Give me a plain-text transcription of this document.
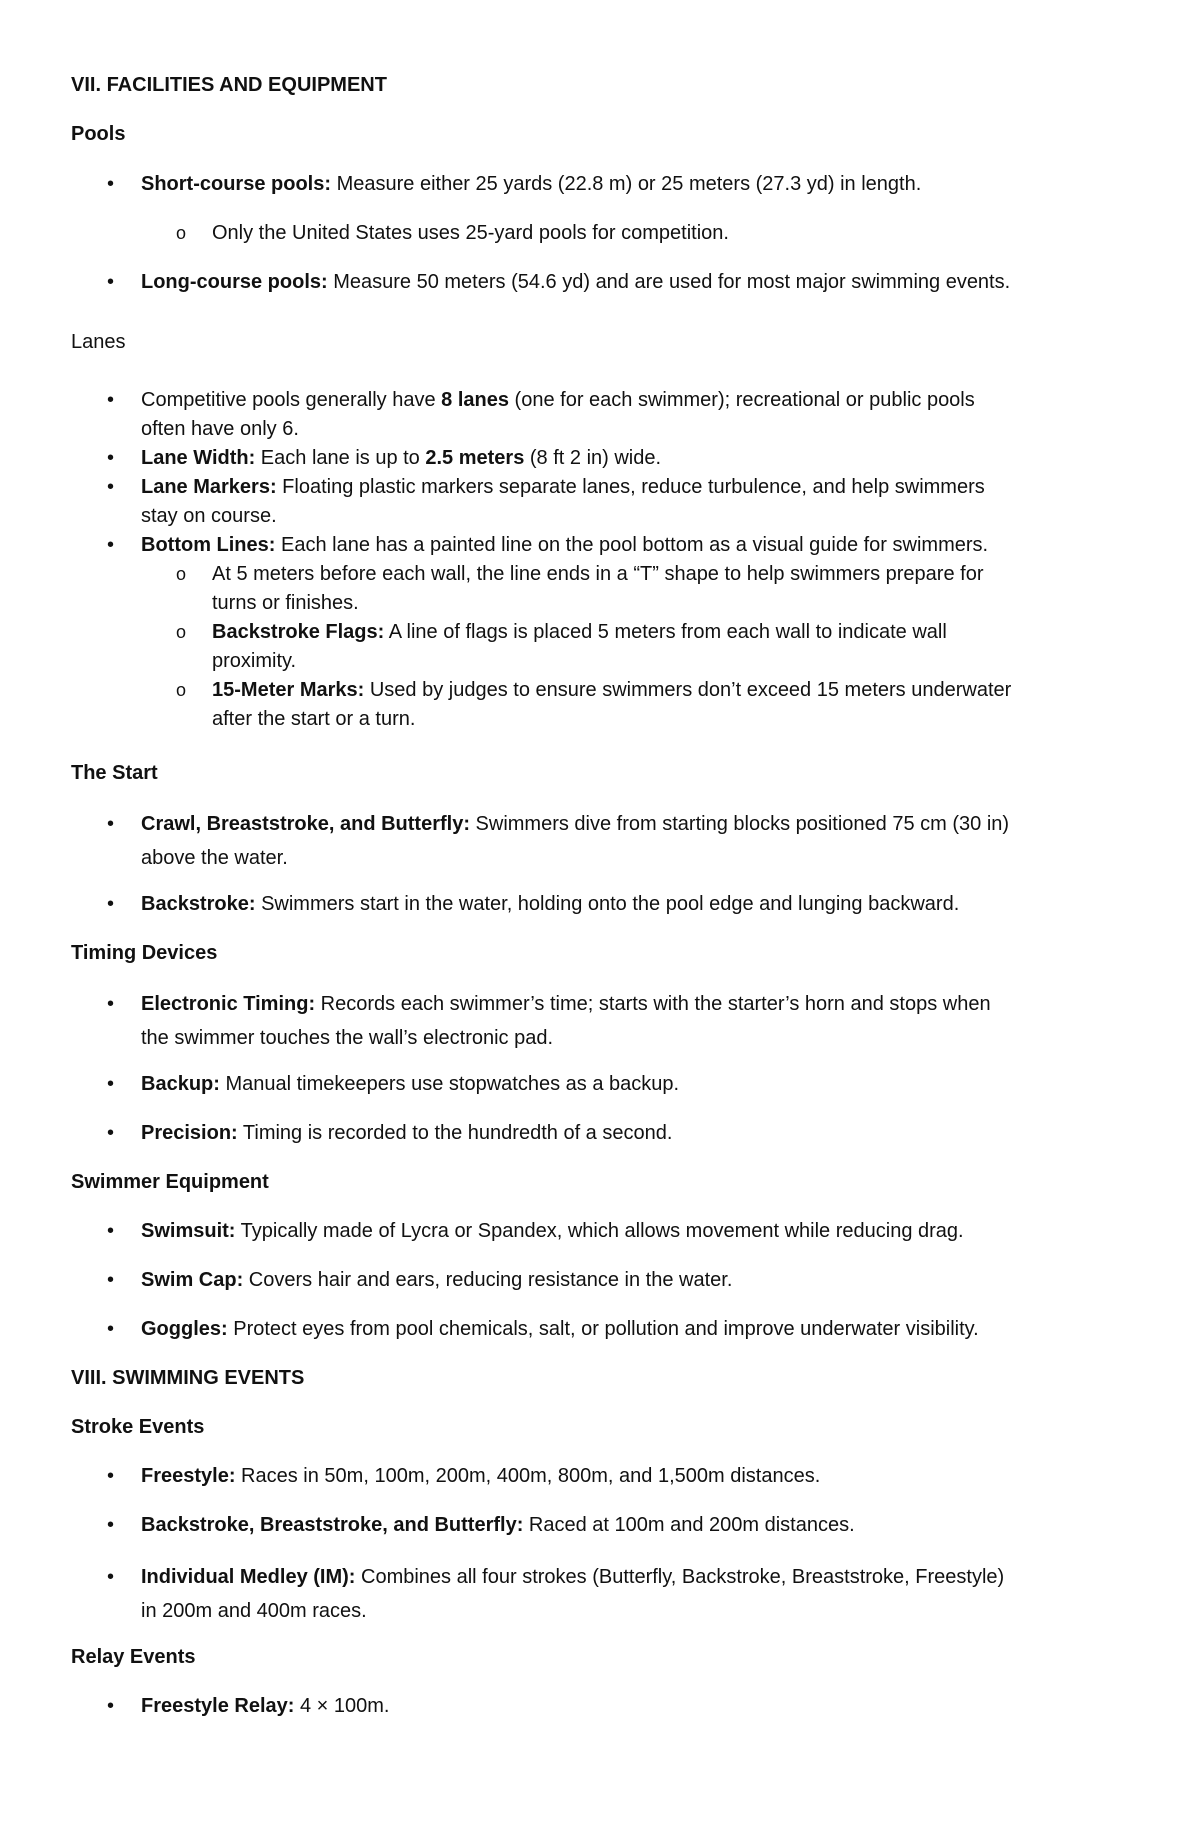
VII. FACILITIES AND EQUIPMENT

Pools

• Short-course pools: Measure either 25 yards (22.8 m) or 25 meters (27.3 yd) in length.
o Only the United States uses 25-yard pools for competition.
• Long-course pools: Measure 50 meters (54.6 yd) and are used for most major swimming events.

Lanes

• Competitive pools generally have 8 lanes (one for each swimmer); recreational or public pools
often have only 6.
• Lane Width: Each lane is up to 2.5 meters (8 ft 2 in) wide.
• Lane Markers: Floating plastic markers separate lanes, reduce turbulence, and help swimmers
stay on course.
• Bottom Lines: Each lane has a painted line on the pool bottom as a visual guide for swimmers.
o At 5 meters before each wall, the line ends in a “T” shape to help swimmers prepare for
turns or finishes.
o Backstroke Flags: A line of flags is placed 5 meters from each wall to indicate wall
proximity.
o 15-Meter Marks: Used by judges to ensure swimmers don’t exceed 15 meters underwater
after the start or a turn.

The Start

• Crawl, Breaststroke, and Butterfly: Swimmers dive from starting blocks positioned 75 cm (30 in)
above the water.
• Backstroke: Swimmers start in the water, holding onto the pool edge and lunging backward.

Timing Devices

• Electronic Timing: Records each swimmer’s time; starts with the starter’s horn and stops when
the swimmer touches the wall’s electronic pad.
• Backup: Manual timekeepers use stopwatches as a backup.
• Precision: Timing is recorded to the hundredth of a second.

Swimmer Equipment

• Swimsuit: Typically made of Lycra or Spandex, which allows movement while reducing drag.
• Swim Cap: Covers hair and ears, reducing resistance in the water.
• Goggles: Protect eyes from pool chemicals, salt, or pollution and improve underwater visibility.

VIII. SWIMMING EVENTS

Stroke Events

• Freestyle: Races in 50m, 100m, 200m, 400m, 800m, and 1,500m distances.
• Backstroke, Breaststroke, and Butterfly: Raced at 100m and 200m distances.
• Individual Medley (IM): Combines all four strokes (Butterfly, Backstroke, Breaststroke, Freestyle)
in 200m and 400m races.

Relay Events

• Freestyle Relay: 4 × 100m.
